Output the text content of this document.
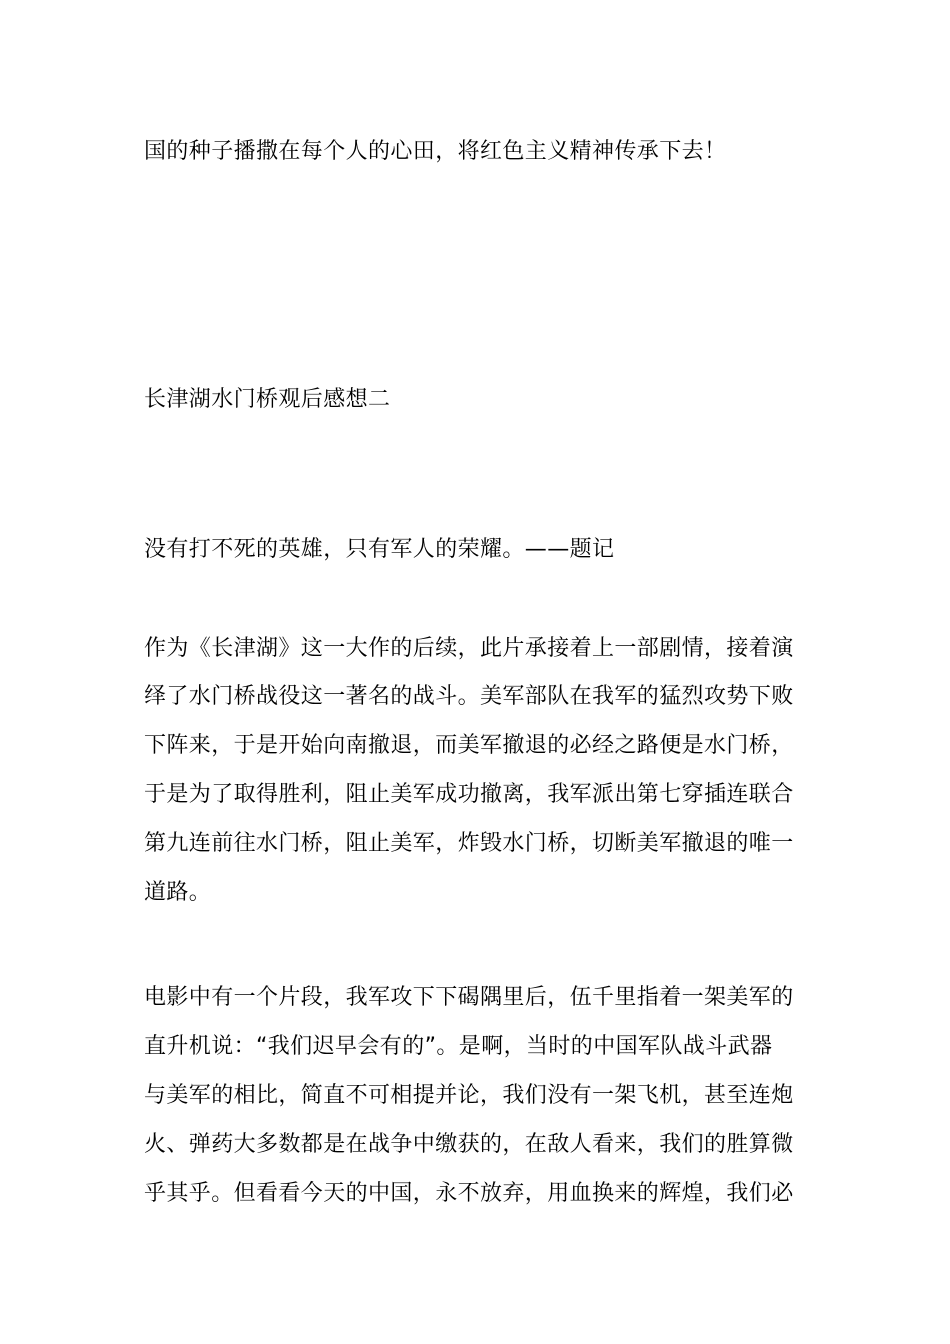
国的种子播撒在每个人的心田，将红色主义精神传承下去！

长津湖水门桥观后感想二

没有打不死的英雄，只有军人的荣耀。——题记

作为《长津湖》这一大作的后续，此片承接着上一部剧情，接着演

绎了水门桥战役这一著名的战斗。美军部队在我军的猛烈攻势下败

下阵来，于是开始向南撤退，而美军撤退的必经之路便是水门桥，

于是为了取得胜利，阻止美军成功撤离，我军派出第七穿插连联合

第九连前往水门桥，阻止美军，炸毁水门桥，切断美军撤退的唯一

道路。

电影中有一个片段，我军攻下下碣隅里后，伍千里指着一架美军的

直升机说：“我们迟早会有的”。是啊，当时的中国军队战斗武器

与美军的相比，简直不可相提并论，我们没有一架飞机，甚至连炮

火、弹药大多数都是在战争中缴获的，在敌人看来，我们的胜算微

乎其乎。但看看今天的中国，永不放弃，用血换来的辉煌，我们必
